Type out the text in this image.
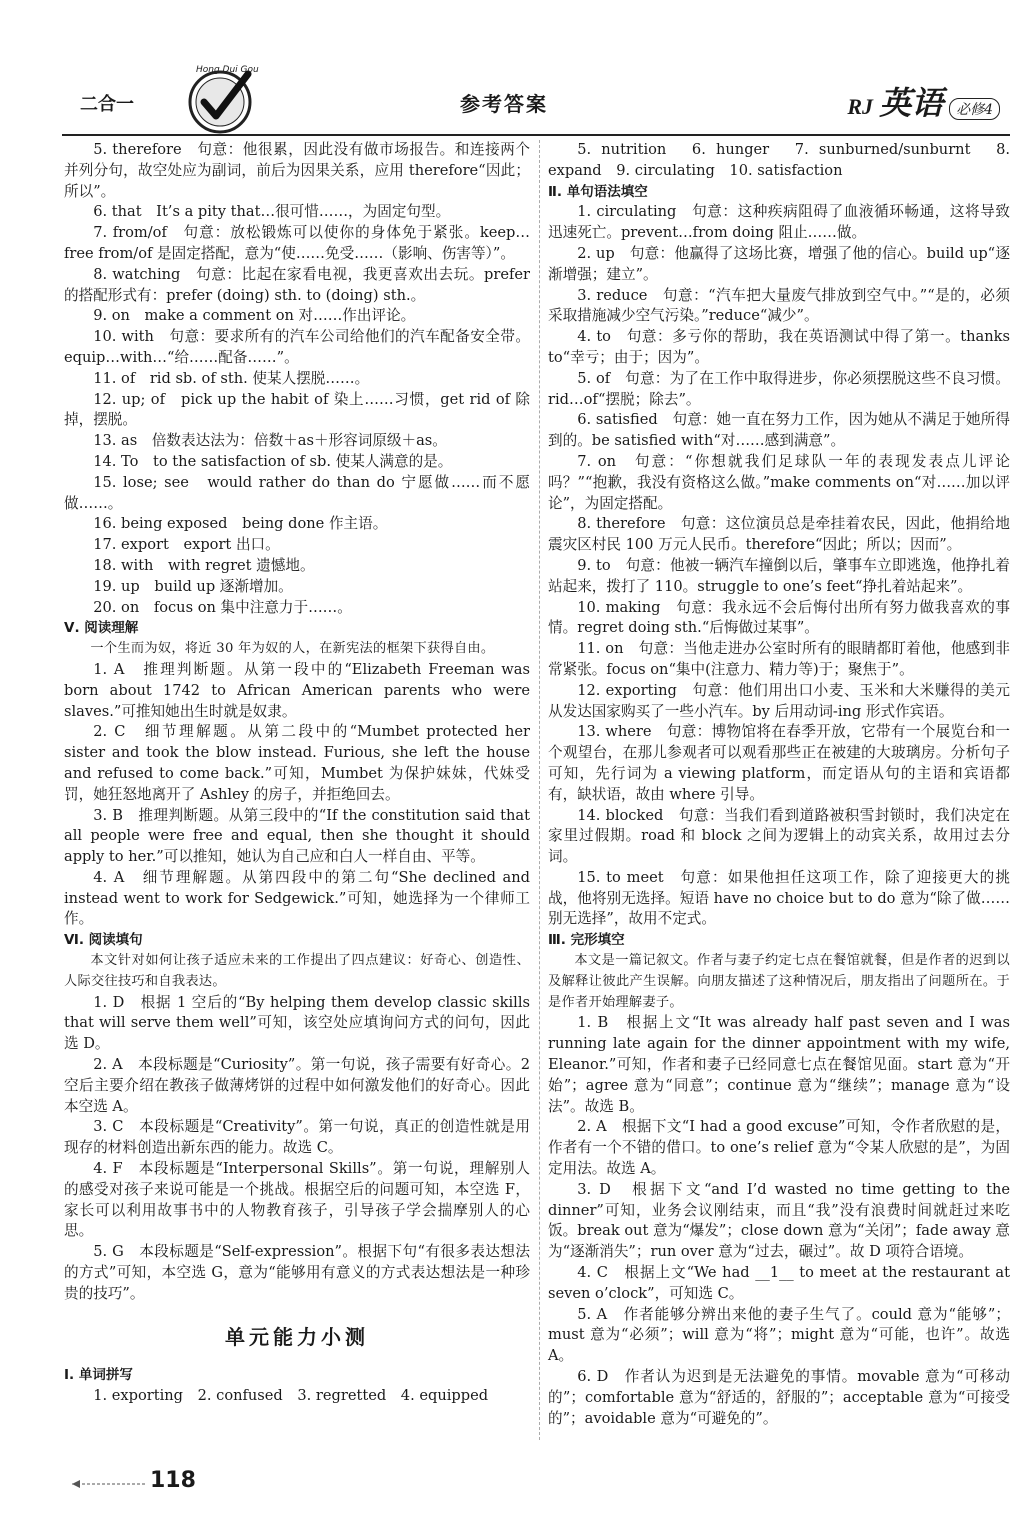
二合一
Hong Dui Gou
参考答案	RJ 英语 必修4

5. therefore　句意：他很累，因此没有做市场报告。和连接两个并列分句，故空处应为副词，前后为因果关系，应用 therefore“因此；所以”。

6. that　It’s a pity that…很可惜……，为固定句型。

7. from/of　句意：放松锻炼可以使你的身体免于紧张。keep…free from/of 是固定搭配，意为“使……免受……（影响、伤害等）”。

8. watching　句意：比起在家看电视，我更喜欢出去玩。prefer 的搭配形式有：prefer (doing) sth. to (doing) sth.。

9. on　make a comment on 对……作出评论。

10. with　句意：要求所有的汽车公司给他们的汽车配备安全带。equip…with…“给……配备……”。

11. of　rid sb. of sth. 使某人摆脱……。

12. up; of　pick up the habit of 染上……习惯，get rid of 除掉，摆脱。

13. as　倍数表达法为：倍数＋as＋形容词原级＋as。

14. To　to the satisfaction of sb. 使某人满意的是。

15. lose; see　would rather do than do 宁愿做……而不愿做……。

16. being exposed　being done 作主语。

17. export　export 出口。

18. with　with regret 遗憾地。

19. up　build up 逐渐增加。

20. on　focus on 集中注意力于……。

Ⅴ. 阅读理解

一个生而为奴，将近 30 年为奴的人，在新宪法的框架下获得自由。

1. A　推理判断题。从第一段中的“Elizabeth Freeman was born about 1742 to African American parents who were slaves.”可推知她出生时就是奴隶。

2. C　细节理解题。从第二段中的“Mumbet protected her sister and took the blow instead. Furious, she left the house and refused to come back.”可知，Mumbet 为保护妹妹，代妹受罚，她狂怒地离开了 Ashley 的房子，并拒绝回去。

3. B　推理判断题。从第三段中的“If the constitution said that all people were free and equal, then she thought it should apply to her.”可以推知，她认为自己应和白人一样自由、平等。

4. A　细节理解题。从第四段中的第二句“She declined and instead went to work for Sedgewick.”可知，她选择为一个律师工作。

Ⅵ. 阅读填句

本文针对如何让孩子适应未来的工作提出了四点建议：好奇心、创造性、人际交往技巧和自我表达。

1. D　根据 1 空后的“By helping them develop classic skills that will serve them well”可知，该空处应填询问方式的问句，因此选 D。

2. A　本段标题是“Curiosity”。第一句说，孩子需要有好奇心。2 空后主要介绍在教孩子做薄烤饼的过程中如何激发他们的好奇心。因此本空选 A。

3. C　本段标题是“Creativity”。第一句说，真正的创造性就是用现存的材料创造出新东西的能力。故选 C。

4. F　本段标题是“Interpersonal Skills”。第一句说，理解别人的感受对孩子来说可能是一个挑战。根据空后的问题可知，本空选 F，家长可以利用故事书中的人物教育孩子，引导孩子学会揣摩别人的心思。

5. G　本段标题是“Self-expression”。根据下句“有很多表达想法的方式”可知，本空选 G，意为“能够用有意义的方式表达想法是一种珍贵的技巧”。

单元能力小测

Ⅰ. 单词拼写

1. exporting　2. confused　3. regretted　4. equipped

5. nutrition　6. hunger　7. sunburned/sunburnt　8. expand　9. circulating　10. satisfaction

Ⅱ. 单句语法填空

1. circulating　句意：这种疾病阻碍了血液循环畅通，这将导致迅速死亡。prevent…from doing 阻止……做。

2. up　句意：他赢得了这场比赛，增强了他的信心。build up“逐渐增强；建立”。

3. reduce　句意：“汽车把大量废气排放到空气中。”“是的，必须采取措施减少空气污染。”reduce“减少”。

4. to　句意：多亏你的帮助，我在英语测试中得了第一。thanks to“幸亏；由于；因为”。

5. of　句意：为了在工作中取得进步，你必须摆脱这些不良习惯。rid…of“摆脱；除去”。

6. satisfied　句意：她一直在努力工作，因为她从不满足于她所得到的。be satisfied with“对……感到满意”。

7. on　句意：“你想就我们足球队一年的表现发表点儿评论吗？”“抱歉，我没有资格这么做。”make comments on“对……加以评论”，为固定搭配。

8. therefore　句意：这位演员总是牵挂着农民，因此，他捐给地震灾区村民 100 万元人民币。therefore“因此；所以；因而”。

9. to　句意：他被一辆汽车撞倒以后，肇事车立即逃逸，他挣扎着站起来，拨打了 110。struggle to one’s feet“挣扎着站起来”。

10. making　句意：我永远不会后悔付出所有努力做我喜欢的事情。regret doing sth.“后悔做过某事”。

11. on　句意：当他走进办公室时所有的眼睛都盯着他，他感到非常紧张。focus on“集中(注意力、精力等)于；聚焦于”。

12. exporting　句意：他们用出口小麦、玉米和大米赚得的美元从发达国家购买了一些小汽车。by 后用动词-ing 形式作宾语。

13. where　句意：博物馆将在春季开放，它带有一个展览台和一个观望台，在那儿参观者可以观看那些正在被建的大玻璃房。分析句子可知，先行词为 a viewing platform，而定语从句的主语和宾语都有，缺状语，故由 where 引导。

14. blocked　句意：当我们看到道路被积雪封锁时，我们决定在家里过假期。road 和 block 之间为逻辑上的动宾关系，故用过去分词。

15. to meet　句意：如果他担任这项工作，除了迎接更大的挑战，他将别无选择。短语 have no choice but to do 意为“除了做……别无选择”，故用不定式。

Ⅲ. 完形填空

本文是一篇记叙文。作者与妻子约定七点在餐馆就餐，但是作者的迟到以及解释让彼此产生误解。向朋友描述了这种情况后，朋友指出了问题所在。于是作者开始理解妻子。

1. B　根据上文“It was already half past seven and I was running late again for the dinner appointment with my wife, Eleanor.”可知，作者和妻子已经同意七点在餐馆见面。start 意为“开始”；agree 意为“同意”；continue 意为“继续”；manage 意为“设法”。故选 B。

2. A　根据下文“I had a good excuse”可知，令作者欣慰的是，作者有一个不错的借口。to one’s relief 意为“令某人欣慰的是”，为固定用法。故选 A。

3. D　根据下文“and I’d wasted no time getting to the dinner”可知，业务会议刚结束，而且“我”没有浪费时间就赶过来吃饭。break out 意为“爆发”；close down 意为“关闭”；fade away 意为“逐渐消失”；run over 意为“过去，碾过”。故 D 项符合语境。

4. C　根据上文“We had __1__ to meet at the restaurant at seven o’clock”，可知选 C。

5. A　作者能够分辨出来他的妻子生气了。could 意为“能够”；must 意为“必须”；will 意为“将”；might 意为“可能，也许”。故选 A。

6. D　作者认为迟到是无法避免的事情。movable 意为“可移动的”；comfortable 意为“舒适的，舒服的”；acceptable 意为“可接受的”；avoidable 意为“可避免的”。

118
